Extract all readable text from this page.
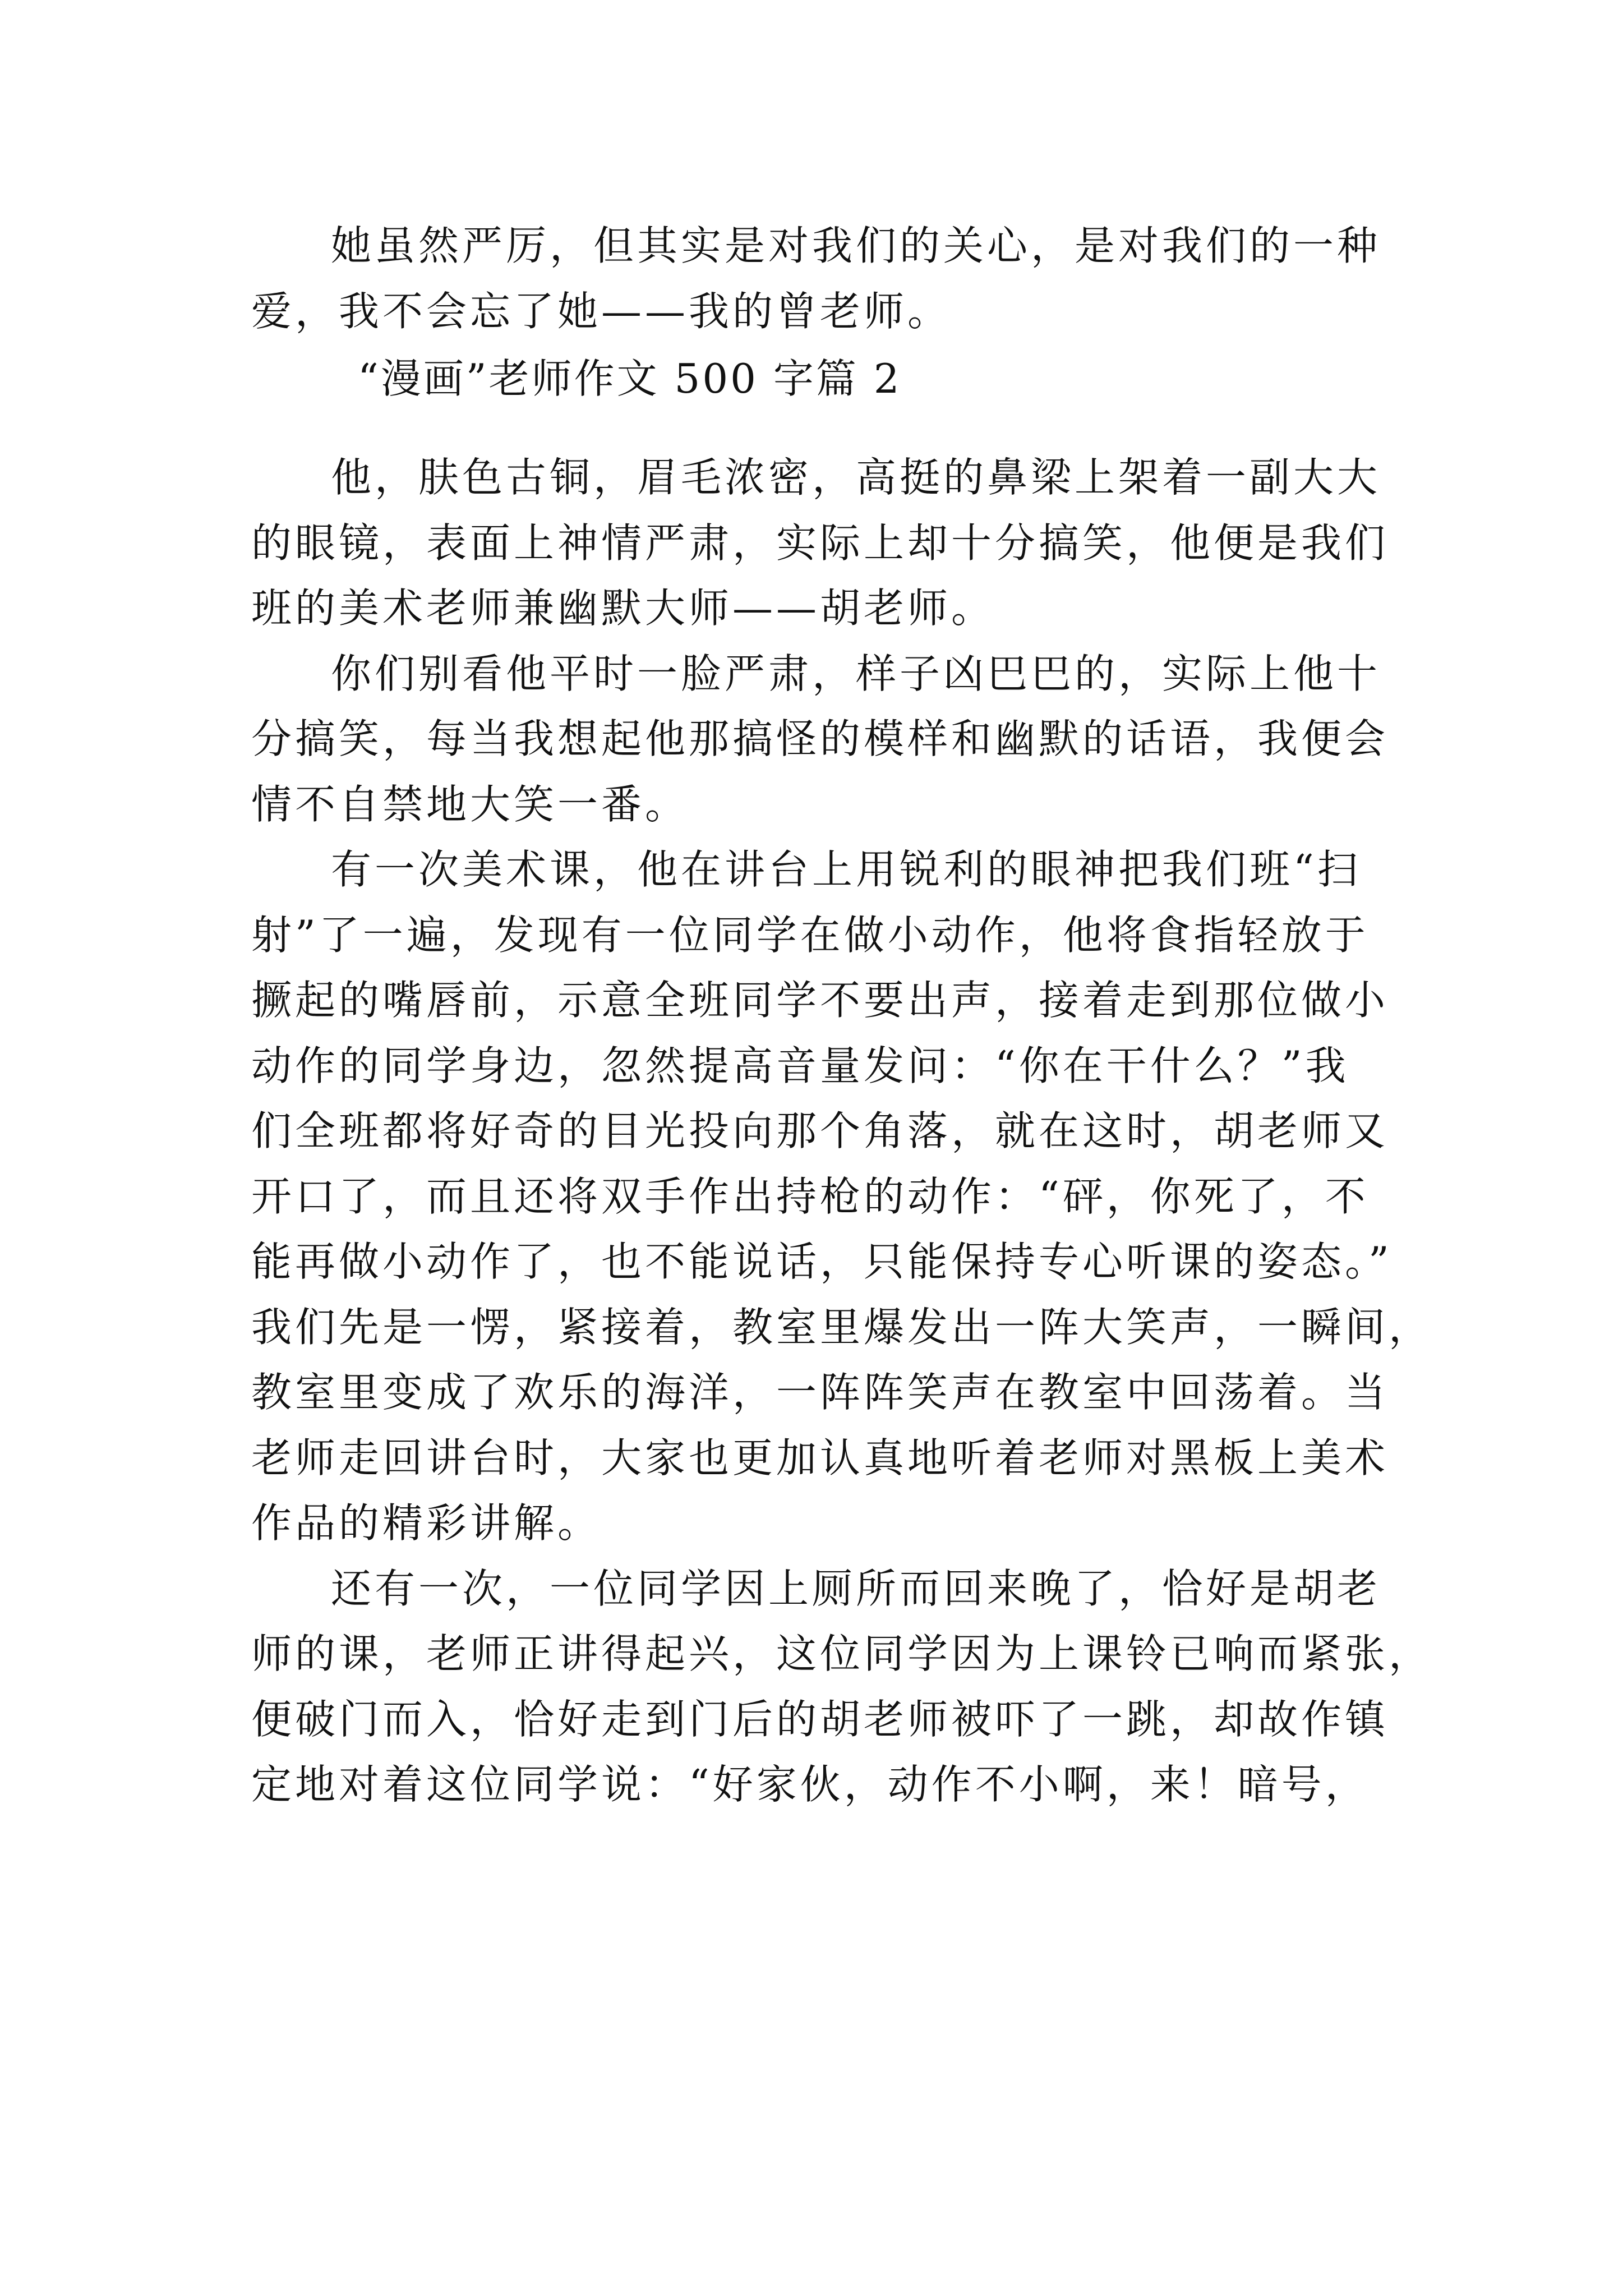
她虽然严厉，但其实是对我们的关心，是对我们的一种
爱，我不会忘了她——我的曾老师。
“漫画”老师作文 500 字篇 2
他，肤色古铜，眉毛浓密，高挺的鼻梁上架着一副大大
的眼镜，表面上神情严肃，实际上却十分搞笑，他便是我们
班的美术老师兼幽默大师——胡老师。
你们别看他平时一脸严肃，样子凶巴巴的，实际上他十
分搞笑，每当我想起他那搞怪的模样和幽默的话语，我便会
情不自禁地大笑一番。
有一次美术课，他在讲台上用锐利的眼神把我们班“扫
射”了一遍，发现有一位同学在做小动作，他将食指轻放于
撅起的嘴唇前，示意全班同学不要出声，接着走到那位做小
动作的同学身边，忽然提高音量发问：“你在干什么？”我
们全班都将好奇的目光投向那个角落，就在这时，胡老师又
开口了，而且还将双手作出持枪的动作：“砰，你死了，不
能再做小动作了，也不能说话，只能保持专心听课的姿态。”
我们先是一愣，紧接着，教室里爆发出一阵大笑声，一瞬间，
教室里变成了欢乐的海洋，一阵阵笑声在教室中回荡着。当
老师走回讲台时，大家也更加认真地听着老师对黑板上美术
作品的精彩讲解。
还有一次，一位同学因上厕所而回来晚了，恰好是胡老
师的课，老师正讲得起兴，这位同学因为上课铃已响而紧张，
便破门而入，恰好走到门后的胡老师被吓了一跳，却故作镇
定地对着这位同学说：“好家伙，动作不小啊，来！暗号，
